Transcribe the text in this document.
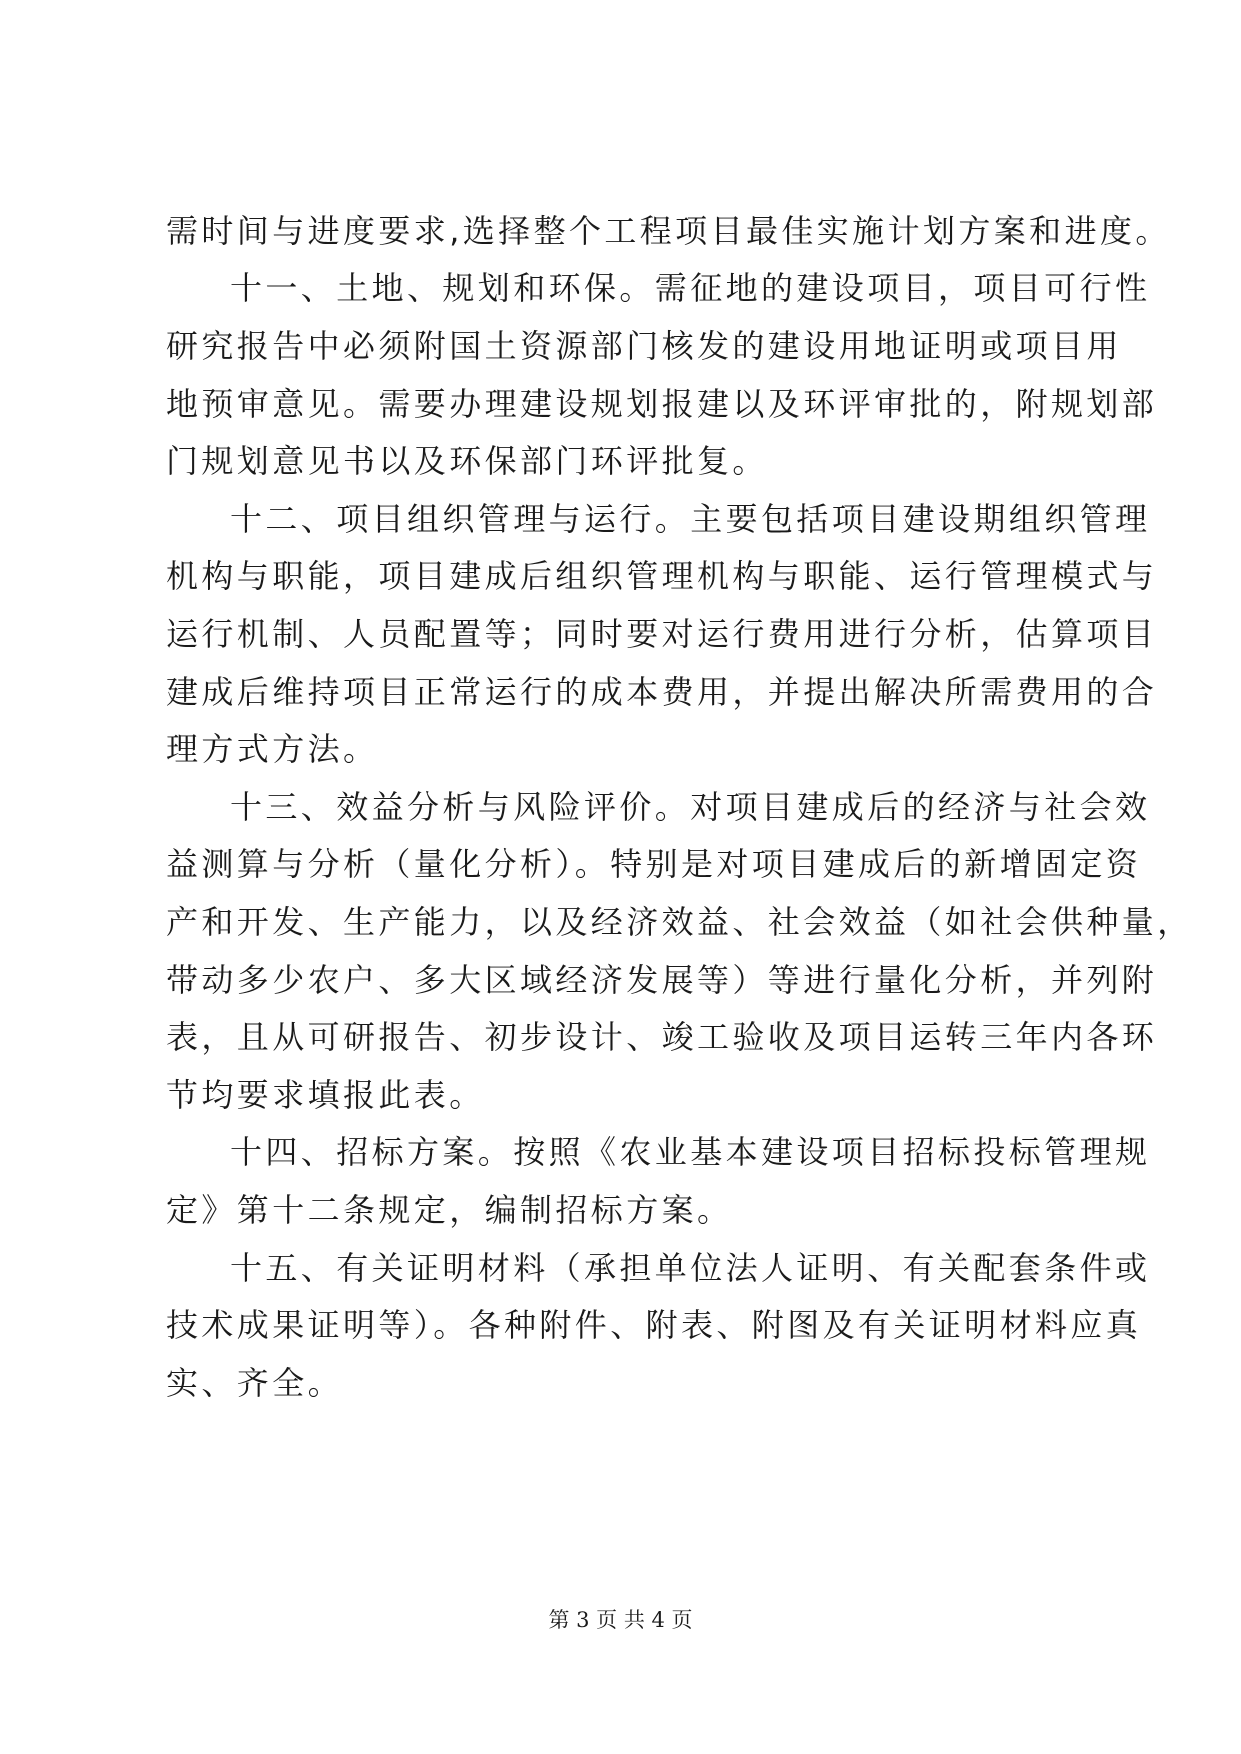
需时间与进度要求,选择整个工程项目最佳实施计划方案和进度。
十一、土地、规划和环保。需征地的建设项目，项目可行性
研究报告中必须附国土资源部门核发的建设用地证明或项目用
地预审意见。需要办理建设规划报建以及环评审批的，附规划部
门规划意见书以及环保部门环评批复。
十二、项目组织管理与运行。主要包括项目建设期组织管理
机构与职能，项目建成后组织管理机构与职能、运行管理模式与
运行机制、人员配置等；同时要对运行费用进行分析，估算项目
建成后维持项目正常运行的成本费用，并提出解决所需费用的合
理方式方法。
十三、效益分析与风险评价。对项目建成后的经济与社会效
益测算与分析（量化分析）。特别是对项目建成后的新增固定资
产和开发、生产能力，以及经济效益、社会效益（如社会供种量，
带动多少农户、多大区域经济发展等）等进行量化分析，并列附
表，且从可研报告、初步设计、竣工验收及项目运转三年内各环
节均要求填报此表。
十四、招标方案。按照《农业基本建设项目招标投标管理规
定》第十二条规定，编制招标方案。
十五、有关证明材料（承担单位法人证明、有关配套条件或
技术成果证明等）。各种附件、附表、附图及有关证明材料应真
实、齐全。
第 3 页 共 4 页
